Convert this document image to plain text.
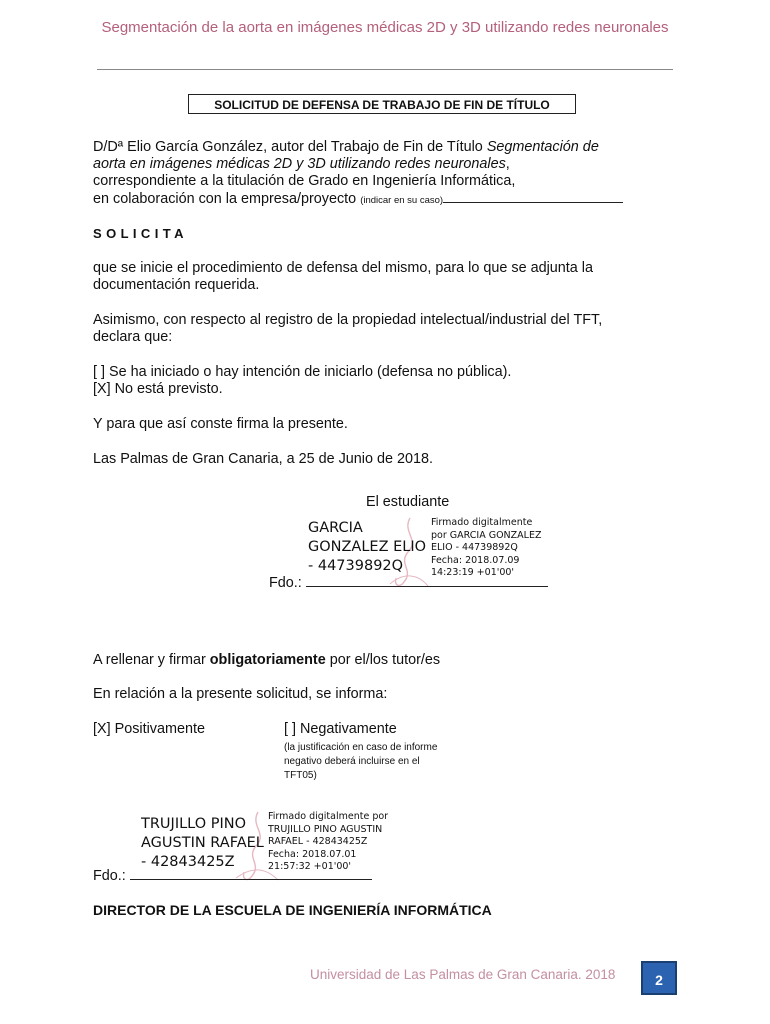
Segmentación de la aorta en imágenes médicas 2D y 3D utilizando redes neuronales
SOLICITUD DE DEFENSA DE TRABAJO DE FIN DE TÍTULO
D/Dª Elio García González, autor del Trabajo de Fin de Título Segmentación de
aorta en imágenes médicas 2D y 3D utilizando redes neuronales,
correspondiente a la titulación de Grado en Ingeniería Informática,
en colaboración con la empresa/proyecto (indicar en su caso)
SOLICITA
que se inicie el procedimiento de defensa del mismo, para lo que se adjunta la
documentación requerida.
Asimismo, con respecto al registro de la propiedad intelectual/industrial del TFT,
declara que:
[ ] Se ha iniciado o hay intención de iniciarlo (defensa no pública).
[X] No está previsto.
Y para que así conste firma la presente.
Las Palmas de Gran Canaria, a 25 de Junio de 2018.
El estudiante
GARCIA
GONZALEZ ELIO
- 44739892Q
Firmado digitalmente
por GARCIA GONZALEZ
ELIO - 44739892Q
Fecha: 2018.07.09
14:23:19 +01'00'
Fdo.:
A rellenar y firmar obligatoriamente por el/los tutor/es
En relación a la presente solicitud, se informa:
[X] Positivamente	[ ] Negativamente
(la justificación en caso de informe
negativo deberá incluirse en el
TFT05)
TRUJILLO PINO
AGUSTIN RAFAEL
- 42843425Z
Firmado digitalmente por
TRUJILLO PINO AGUSTIN
RAFAEL - 42843425Z
Fecha: 2018.07.01
21:57:32 +01'00'
Fdo.:
DIRECTOR DE LA ESCUELA DE INGENIERÍA INFORMÁTICA
Universidad de Las Palmas de Gran Canaria. 2018	2
